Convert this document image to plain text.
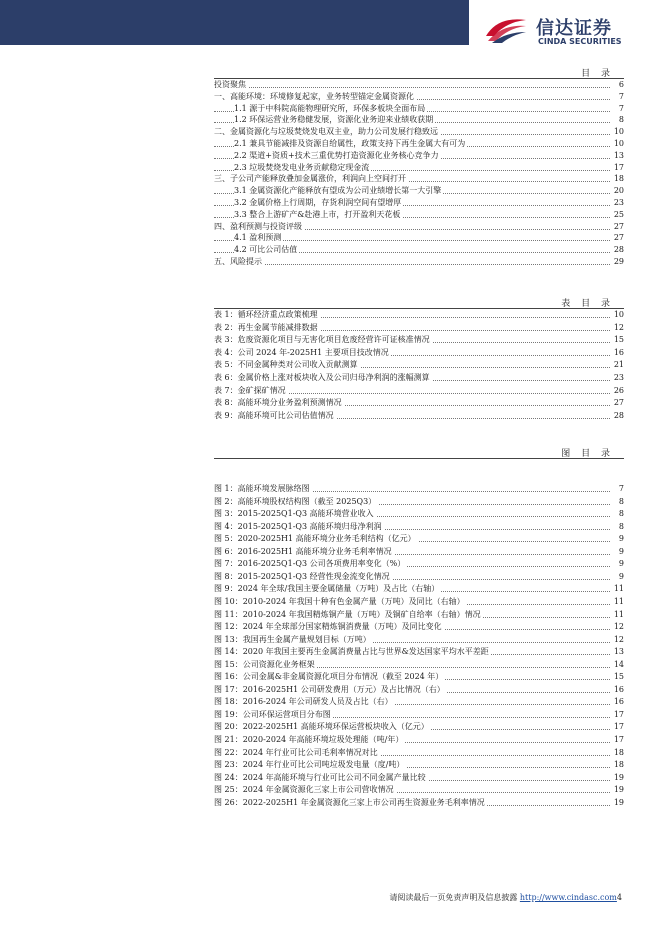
信达证券
CINDA SECURITIES
目 录
投资聚焦	6
一、高能环境：环境修复起家，业务转型锚定金属资源化	7
1.1 源于中科院高能物理研究所，环保多板块全面布局	7
1.2 环保运营业务稳健发展，资源化业务迎来业绩收获期	8
二、金属资源化与垃圾焚烧发电双主业，助力公司发展行稳致远	10
2.1 兼具节能减排及资源自给属性，政策支持下再生金属大有可为	10
2.2 渠道+资质+技术三重优势打造资源化业务核心竞争力	13
2.3 垃圾焚烧发电业务贡献稳定现金流	17
三、子公司产能释放叠加金属涨价，利润向上空间打开	18
3.1 金属资源化产能释放有望成为公司业绩增长第一大引擎	20
3.2 金属价格上行周期，存货利润空间有望增厚	23
3.3 整合上游矿产&赴港上市，打开盈利天花板	25
四、盈利预测与投资评级	27
4.1 盈利预测	27
4.2 可比公司估值	28
五、风险提示	29
表 目 录
表 1：循环经济重点政策梳理	10
表 2：再生金属节能减排数据	12
表 3：危废资源化项目与无害化项目危废经营许可证核准情况	15
表 4：公司 2024 年-2025H1 主要项目技改情况	16
表 5：不同金属种类对公司收入贡献测算	21
表 6：金属价格上涨对板块收入及公司归母净利润的涨幅测算	23
表 7：金矿探矿情况	26
表 8：高能环境分业务盈利预测情况	27
表 9：高能环境可比公司估值情况	28
图 目 录
图 1：高能环境发展脉络图	7
图 2：高能环境股权结构图（截至 2025Q3）	8
图 3：2015-2025Q1-Q3 高能环境营业收入	8
图 4：2015-2025Q1-Q3 高能环境归母净利润	8
图 5：2020-2025H1 高能环境分业务毛利结构（亿元）	9
图 6：2016-2025H1 高能环境分业务毛利率情况	9
图 7：2016-2025Q1-Q3 公司各项费用率变化（%）	9
图 8：2015-2025Q1-Q3 经营性现金流变化情况	9
图 9：2024 年全球/我国主要金属储量（万吨）及占比（右轴）	11
图 10：2010-2024 年我国十种有色金属产量（万吨）及同比（右轴）	11
图 11：2010-2024 年我国精炼铜产量（万吨）及铜矿自给率（右轴）情况	11
图 12：2024 年全球部分国家精炼铜消费量（万吨）及同比变化	12
图 13：我国再生金属产量规划目标（万吨）	12
图 14：2020 年我国主要再生金属消费量占比与世界&发达国家平均水平差距	13
图 15：公司资源化业务框架	14
图 16：公司金属&非金属资源化项目分布情况（截至 2024 年）	15
图 17：2016-2025H1 公司研发费用（万元）及占比情况（右）	16
图 18：2016-2024 年公司研发人员及占比（右）	16
图 19：公司环保运营项目分布图	17
图 20：2022-2025H1 高能环境环保运营板块收入（亿元）	17
图 21：2020-2024 年高能环境垃圾处理能（吨/年）	17
图 22：2024 年行业可比公司毛利率情况对比	18
图 23：2024 年行业可比公司吨垃圾发电量（度/吨）	18
图 24：2024 年高能环境与行业可比公司不同金属产量比较	19
图 25：2024 年金属资源化三家上市公司营收情况	19
图 26：2022-2025H1 年金属资源化三家上市公司再生资源业务毛利率情况	19
请阅读最后一页免责声明及信息披露 http://www.cindasc.com4
